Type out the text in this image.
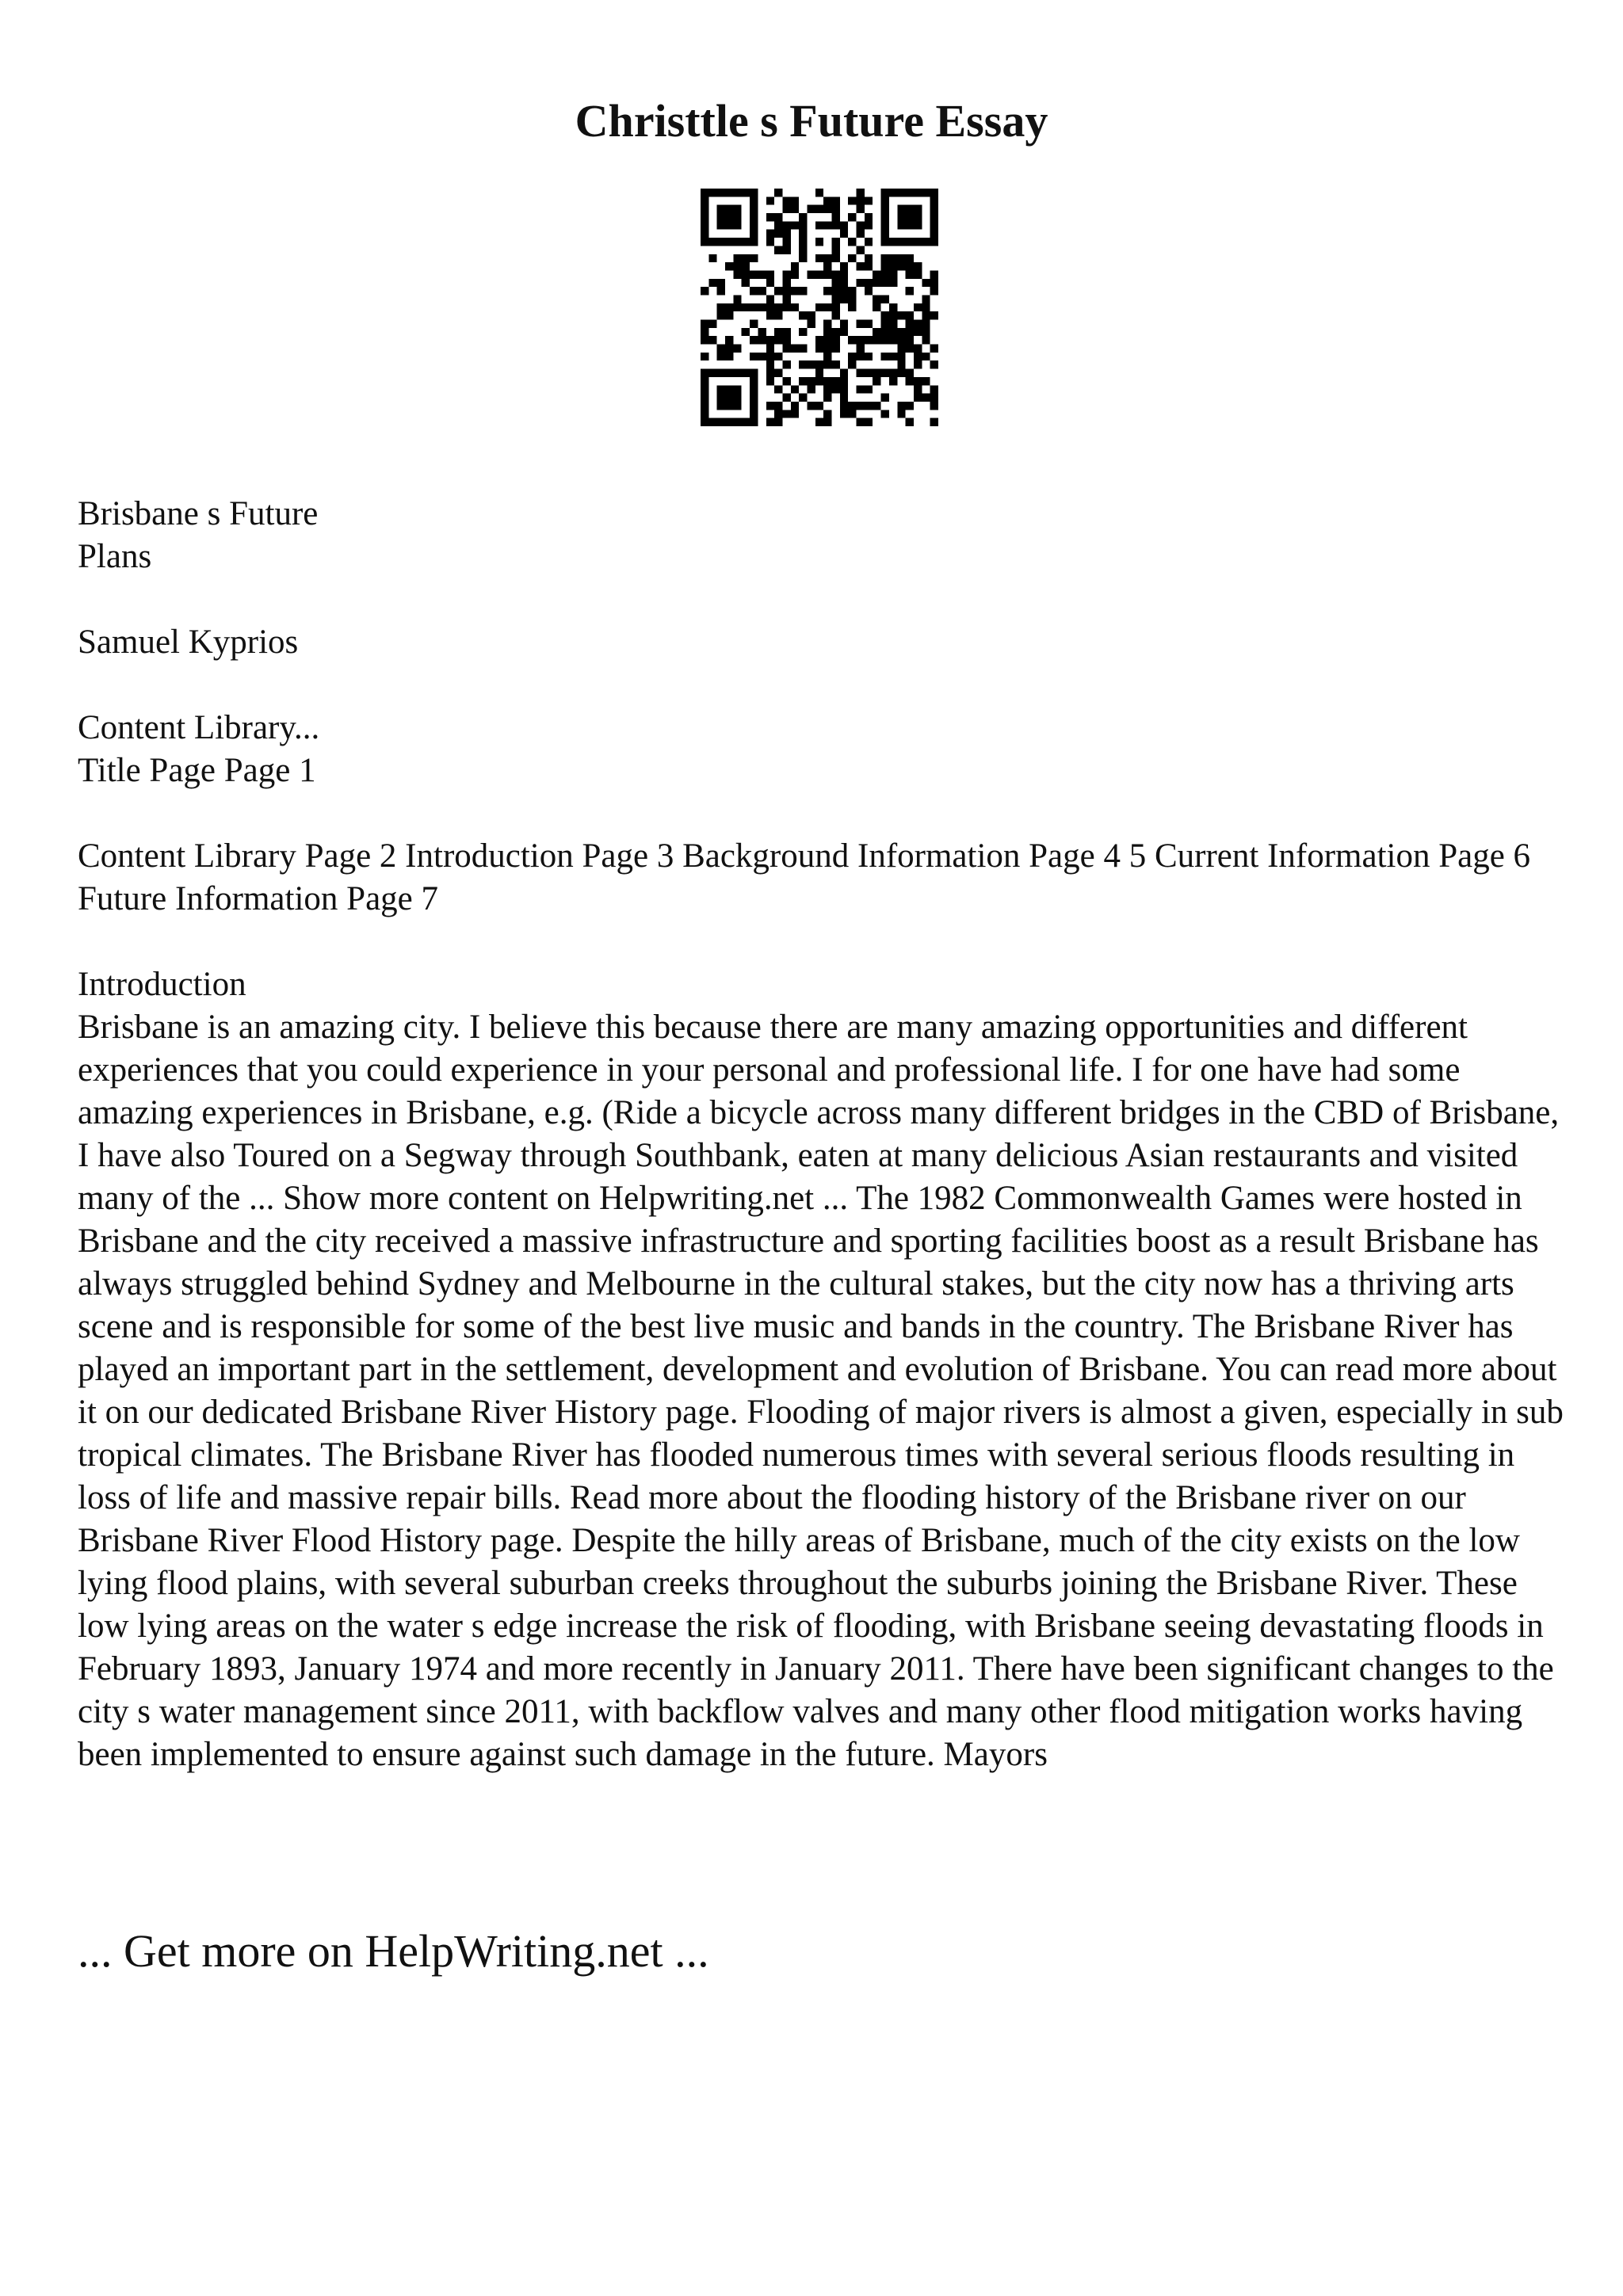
Christtle s Future Essay

Brisbane s Future
Plans

Samuel Kyprios

Content Library...
Title Page Page 1

Content Library Page 2 Introduction Page 3 Background Information Page 4 5 Current Information Page 6 Future Information Page 7

Introduction
Brisbane is an amazing city. I believe this because there are many amazing opportunities and different experiences that you could experience in your personal and professional life. I for one have had some amazing experiences in Brisbane, e.g. (Ride a bicycle across many different bridges in the CBD of Brisbane, I have also Toured on a Segway through Southbank, eaten at many delicious Asian restaurants and visited many of the ... Show more content on Helpwriting.net ... The 1982 Commonwealth Games were hosted in Brisbane and the city received a massive infrastructure and sporting facilities boost as a result Brisbane has always struggled behind Sydney and Melbourne in the cultural stakes, but the city now has a thriving arts scene and is responsible for some of the best live music and bands in the country. The Brisbane River has played an important part in the settlement, development and evolution of Brisbane. You can read more about it on our dedicated Brisbane River History page. Flooding of major rivers is almost a given, especially in sub tropical climates. The Brisbane River has flooded numerous times with several serious floods resulting in loss of life and massive repair bills. Read more about the flooding history of the Brisbane river on our Brisbane River Flood History page. Despite the hilly areas of Brisbane, much of the city exists on the low lying flood plains, with several suburban creeks throughout the suburbs joining the Brisbane River. These low lying areas on the water s edge increase the risk of flooding, with Brisbane seeing devastating floods in February 1893, January 1974 and more recently in January 2011. There have been significant changes to the city s water management since 2011, with backflow valves and many other flood mitigation works having been implemented to ensure against such damage in the future. Mayors

... Get more on HelpWriting.net ...
